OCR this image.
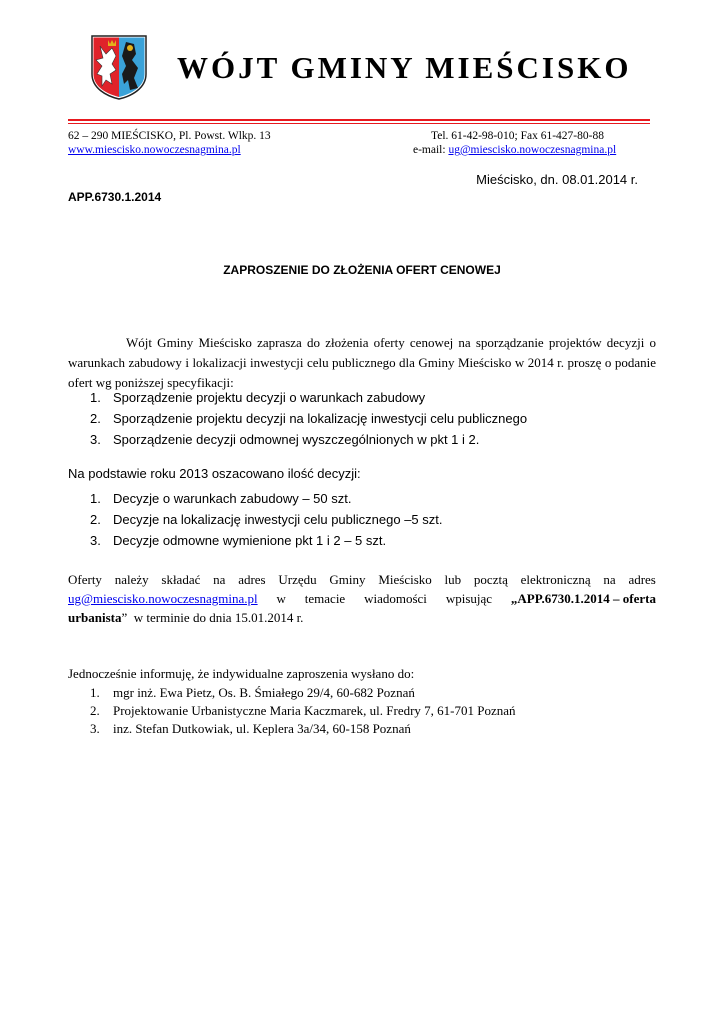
WÓJT GMINY MIEŚCISKO
62 – 290 MIEŚCISKO, Pl. Powst. Wlkp. 13	Tel. 61-42-98-010; Fax 61-427-80-88
www.miescisko.nowoczesnagmina.pl	e-mail: ug@miescisko.nowoczesnagmina.pl
Mieścisko, dn. 08.01.2014 r.
APP.6730.1.2014
ZAPROSZENIE DO ZŁOŻENIA OFERT CENOWEJ

Wójt Gminy Mieścisko zaprasza do złożenia oferty cenowej na sporządzanie projektów decyzji o warunkach zabudowy i lokalizacji inwestycji celu publicznego dla Gminy Mieścisko w 2014 r. proszę o podanie ofert wg poniższej specyfikacji:

1. Sporządzenie projektu decyzji o warunkach zabudowy
2. Sporządzenie projektu decyzji na lokalizację inwestycji celu publicznego
3. Sporządzenie decyzji odmownej wyszczególnionych w pkt 1 i 2.
Na podstawie roku 2013 oszacowano ilość decyzji:
1. Decyzje o warunkach zabudowy – 50 szt.
2. Decyzje na lokalizację inwestycji celu publicznego –5 szt.
3. Decyzje odmowne wymienione pkt 1 i 2 – 5 szt.
Oferty należy składać na adres Urzędu Gminy Mieścisko lub pocztą elektroniczną na adres
ug@miescisko.nowoczesnagmina.pl w temacie wiadomości wpisując „APP.6730.1.2014 – oferta
urbanista”  w terminie do dnia 15.01.2014 r.
Jednocześnie informuję, że indywidualne zaproszenia wysłano do:
1. mgr inż. Ewa Pietz, Os. B. Śmiałego 29/4, 60-682 Poznań
2. Projektowanie Urbanistyczne Maria Kaczmarek, ul. Fredry 7, 61-701 Poznań
3. inz. Stefan Dutkowiak, ul. Keplera 3a/34, 60-158 Poznań
